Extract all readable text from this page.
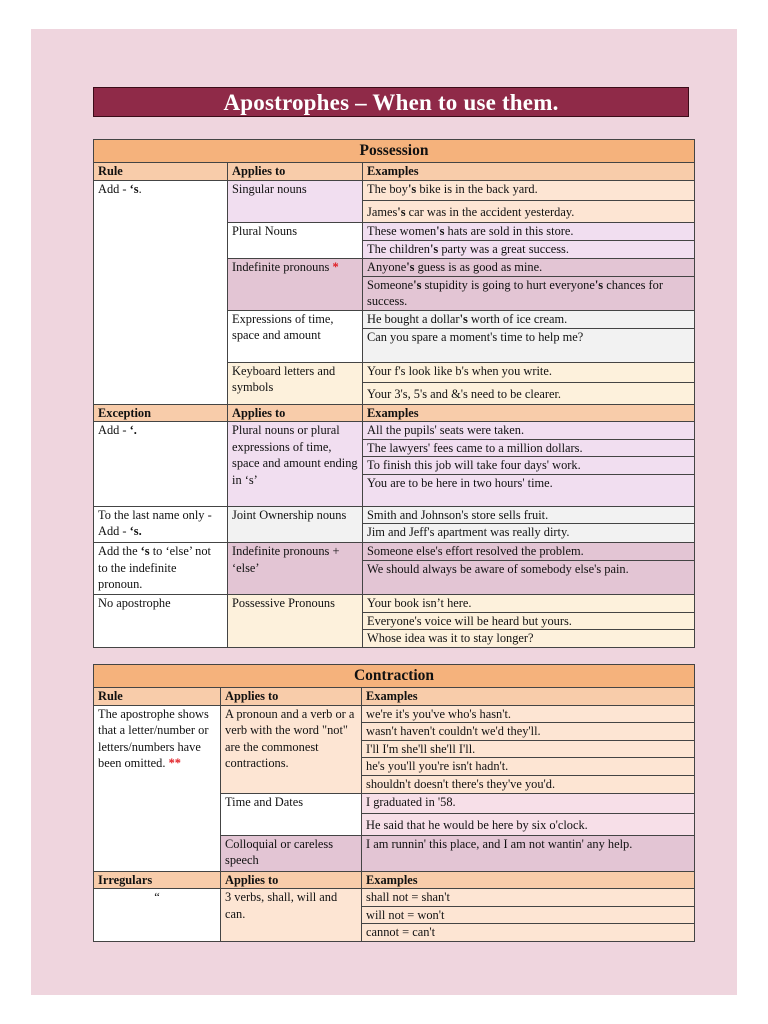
Apostrophes – When to use them.
Possession		
Rule	Applies to	Examples
Add - ‘s.	Singular nouns	The boy's bike is in the back yard.
		James's car was in the accident yesterday.
	Plural Nouns	These women's hats are sold in this store.
		The children's party was a great success.
	Indefinite pronouns *	Anyone's guess is as good as mine.
		Someone's stupidity is going to hurt everyone's chances for success.
	Expressions of time, space and amount	He bought a dollar's worth of ice cream.
		Can you spare a moment's time to help me?
	Keyboard letters and symbols	Your f's look like b's when you write.
		Your 3's, 5's and &'s need to be clearer.
Exception	Applies to	Examples
Add - ‘.	Plural nouns or plural expressions of time, space and amount ending in ‘s’	All the pupils' seats were taken.
		The lawyers' fees came to a million dollars.
		To finish this job will take four days' work.
		You are to be here in two hours' time.
To the last name only - Add - ‘s.	Joint Ownership nouns	Smith and Johnson's store sells fruit.
		Jim and Jeff's apartment was really dirty.
Add the ‘s to ‘else’ not to the indefinite pronoun.	Indefinite pronouns + ‘else’	Someone else's effort resolved the problem.
		We should always be aware of somebody else's pain.
No apostrophe	Possessive Pronouns	Your book isn’t here.
		Everyone's voice will be heard but yours.
		Whose idea was it to stay longer?
Contraction		
Rule	Applies to	Examples
The apostrophe shows that a letter/number or letters/numbers have been omitted. **	A pronoun and a verb or a verb with the word "not" are the commonest contractions.	we're it's you've who's hasn't.
		wasn't haven't couldn't we'd they'll.
		I'll I'm she'll she'll I'll.
		he's you'll you're isn't hadn't.
		shouldn't doesn't there's they've you'd.
	Time and Dates	I graduated in '58.
		He said that he would be here by six o'clock.
	Colloquial or careless speech	I am runnin' this place, and I am not wantin' any help.
Irregulars	Applies to	Examples
“	3 verbs, shall, will and can.	shall not = shan't
		will not = won't
		cannot = can't
